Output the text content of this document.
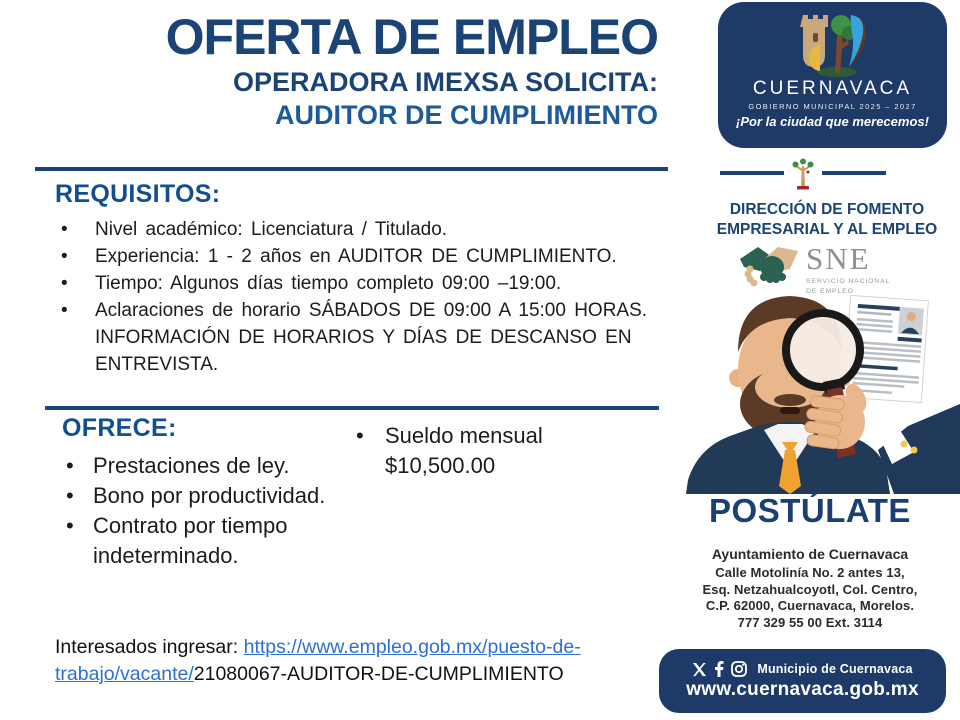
OFERTA DE EMPLEO
OPERADORA IMEXSA SOLICITA:
AUDITOR DE CUMPLIMIENTO
REQUISITOS:
• Nivel académico: Licenciatura / Titulado.
• Experiencia: 1 - 2 años en AUDITOR DE CUMPLIMIENTO.
• Tiempo: Algunos días tiempo completo 09:00 –19:00.
• Aclaraciones de horario SÁBADOS DE 09:00 A 15:00 HORAS. INFORMACIÓN DE HORARIOS Y DÍAS DE DESCANSO EN ENTREVISTA.
OFRECE:
• Prestaciones de ley.
• Bono por productividad.
• Contrato por tiempo indeterminado.
• Sueldo mensual
$10,500.00
Interesados ingresar: https://www.empleo.gob.mx/puesto-de-
trabajo/vacante/21080067-AUDITOR-DE-CUMPLIMIENTO
CUERNAVACA
GOBIERNO MUNICIPAL 2025 – 2027
¡Por la ciudad que merecemos!
DIRECCIÓN DE FOMENTO
EMPRESARIAL Y AL EMPLEO
SNE
SERVICIO NACIONAL
DE EMPLEO
POSTÚLATE
Ayuntamiento de Cuernavaca
Calle Motolinía No. 2 antes 13,
Esq. Netzahualcoyotl, Col. Centro,
C.P. 62000, Cuernavaca, Morelos.
777 329 55 00 Ext. 3114
Municipio de Cuernavaca
www.cuernavaca.gob.mx
